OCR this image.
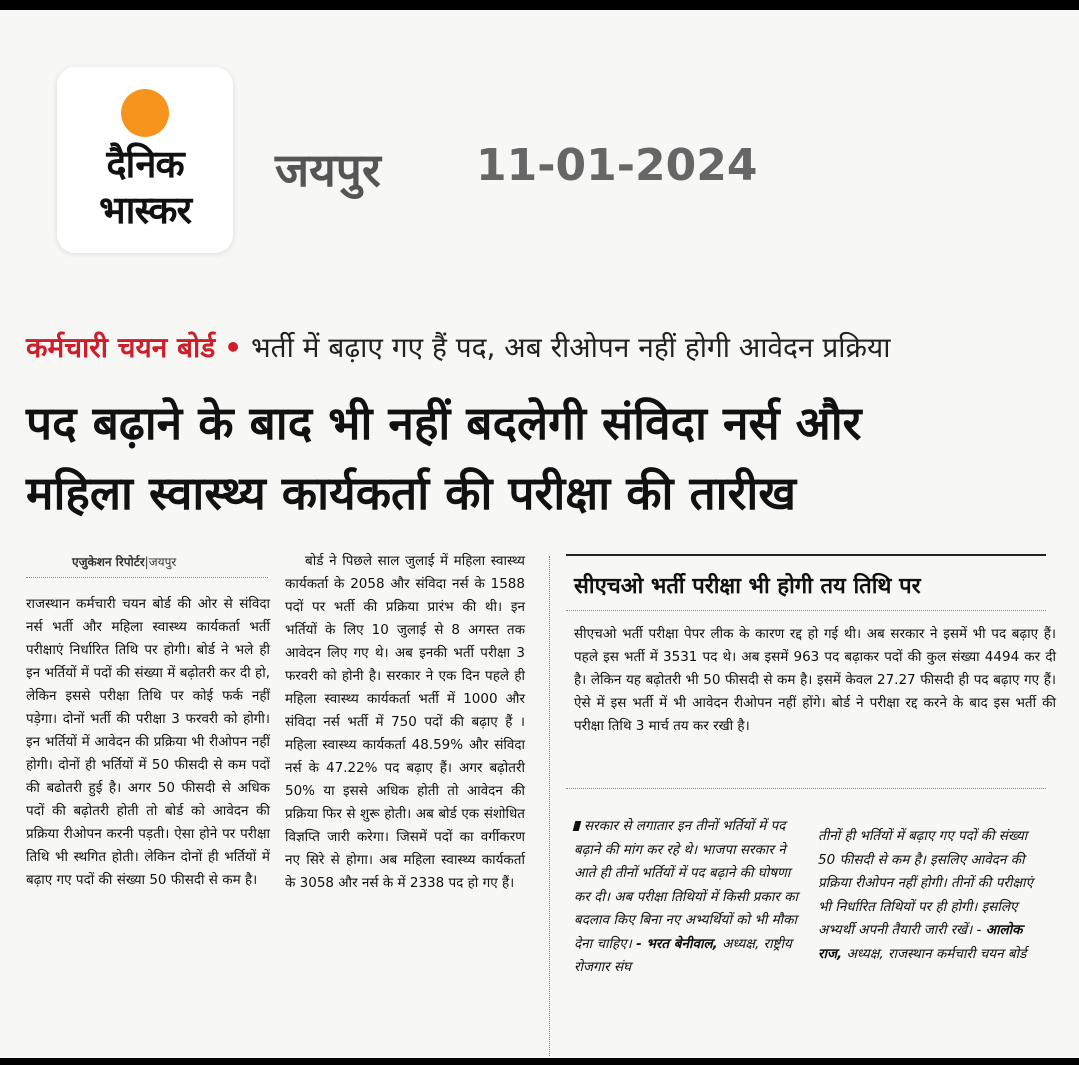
दैनिक
भास्कर
जयपुर 11-01-2024
कर्मचारी चयन बोर्ड • भर्ती में बढ़ाए गए हैं पद, अब रीओपन नहीं होगी आवेदन प्रक्रिया
पद बढ़ाने के बाद भी नहीं बदलेगी संविदा नर्स और
महिला स्वास्थ्य कार्यकर्ता की परीक्षा की तारीख
एजुकेशन रिपोर्टर|जयपुर
राजस्थान कर्मचारी चयन बोर्ड की ओर से संविदा नर्स भर्ती और महिला स्वास्थ्य कार्यकर्ता भर्ती परीक्षाएं निर्धारित तिथि पर होगी। बोर्ड ने भले ही इन भर्तियों में पदों की संख्या में बढ़ोतरी कर दी हो, लेकिन इससे परीक्षा तिथि पर कोई फर्क नहीं पड़ेगा। दोनों भर्ती की परीक्षा 3 फरवरी को होगी। इन भर्तियों में आवेदन की प्रक्रिया भी रीओपन नहीं होगी। दोनों ही भर्तियों में 50 फीसदी से कम पदों की बढोतरी हुई है। अगर 50 फीसदी से अधिक पदों की बढ़ोतरी होती तो बोर्ड को आवेदन की प्रक्रिया रीओपन करनी पड़ती। ऐसा होने पर परीक्षा तिथि भी स्थगित होती। लेकिन दोनों ही भर्तियों में बढ़ाए गए पदों की संख्या 50 फीसदी से कम है।
बोर्ड ने पिछले साल जुलाई में महिला स्वास्थ्य कार्यकर्ता के 2058 और संविदा नर्स के 1588 पदों पर भर्ती की प्रक्रिया प्रारंभ की थी। इन भर्तियों के लिए 10 जुलाई से 8 अगस्त तक आवेदन लिए गए थे। अब इनकी भर्ती परीक्षा 3 फरवरी को होनी है। सरकार ने एक दिन पहले ही महिला स्वास्थ्य कार्यकर्ता भर्ती में 1000 और संविदा नर्स भर्ती में 750 पदों की बढ़ाए हैं । महिला स्वास्थ्य कार्यकर्ता 48.59% और संविदा नर्स के 47.22% पद बढ़ाए हैं। अगर बढ़ोतरी 50% या इससे अधिक होती तो आवेदन की प्रक्रिया फिर से शुरू होती। अब बोर्ड एक संशोधित विज्ञप्ति जारी करेगा। जिसमें पदों का वर्गीकरण नए सिरे से होगा। अब महिला स्वास्थ्य कार्यकर्ता के 3058 और नर्स के में 2338 पद हो गए हैं।
सीएचओ भर्ती परीक्षा भी होगी तय तिथि पर
सीएचओ भर्ती परीक्षा पेपर लीक के कारण रद्द हो गई थी। अब सरकार ने इसमें भी पद बढ़ाए हैं। पहले इस भर्ती में 3531 पद थे। अब इसमें 963 पद बढ़ाकर पदों की कुल संख्या 4494 कर दी है। लेकिन यह बढ़ोतरी भी 50 फीसदी से कम है। इसमें केवल 27.27 फीसदी ही पद बढ़ाए गए हैं। ऐसे में इस भर्ती में भी आवेदन रीओपन नहीं होंगे। बोर्ड ने परीक्षा रद्द करने के बाद इस भर्ती की परीक्षा तिथि 3 मार्च तय कर रखी है।
सरकार से लगातार इन तीनों भर्तियों में पद बढ़ाने की मांग कर रहे थे। भाजपा सरकार ने आते ही तीनों भर्तियों में पद बढ़ाने की घोषणा कर दी। अब परीक्षा तिथियों में किसी प्रकार का बदलाव किए बिना नए अभ्यर्थियों को भी मौका देना चाहिए। - भरत बेनीवाल, अध्यक्ष, राष्ट्रीय रोजगार संघ
तीनों ही भर्तियों में बढ़ाए गए पदों की संख्या 50 फीसदी से कम है। इसलिए आवेदन की प्रक्रिया रीओपन नहीं होगी। तीनों की परीक्षाएं भी निर्धारित तिथियों पर ही होगी। इसलिए अभ्यर्थी अपनी तैयारी जारी रखें। - आलोक राज, अध्यक्ष, राजस्थान कर्मचारी चयन बोर्ड
